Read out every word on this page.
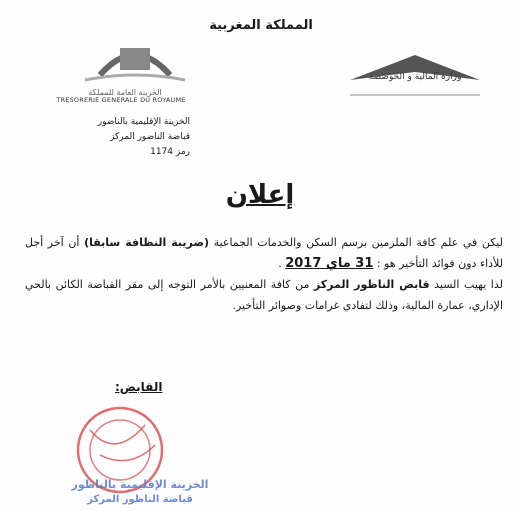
المملكة المغربية
وزارة المالية و الخوصصة
الخزينة العامة للمملكة
TRESORERIE GENERALE DU ROYAUME
الخزينة الإقليمية بالناضور
قباضة الناضور المركز
رمز 1174
إعلان
ليكن في علم كافة الملزمين برسم السكن والخدمات الجماعية (ضريبة النظافة سابقا) أن آخر أجل للأداء دون فوائد التأخير هو : 31 ماي 2017 .
لذا يهيب السيد قابض الناظور المركز من كافة المعنيين بالأمر التوجه إلى مقر القباضة الكائن بالحي الإداري، عمارة المالية، وذلك لتفادي غرامات وصوائر التأخير.
القابض:
الخزينة الإقليمية بالناظور
قباضة الناظور المركز
